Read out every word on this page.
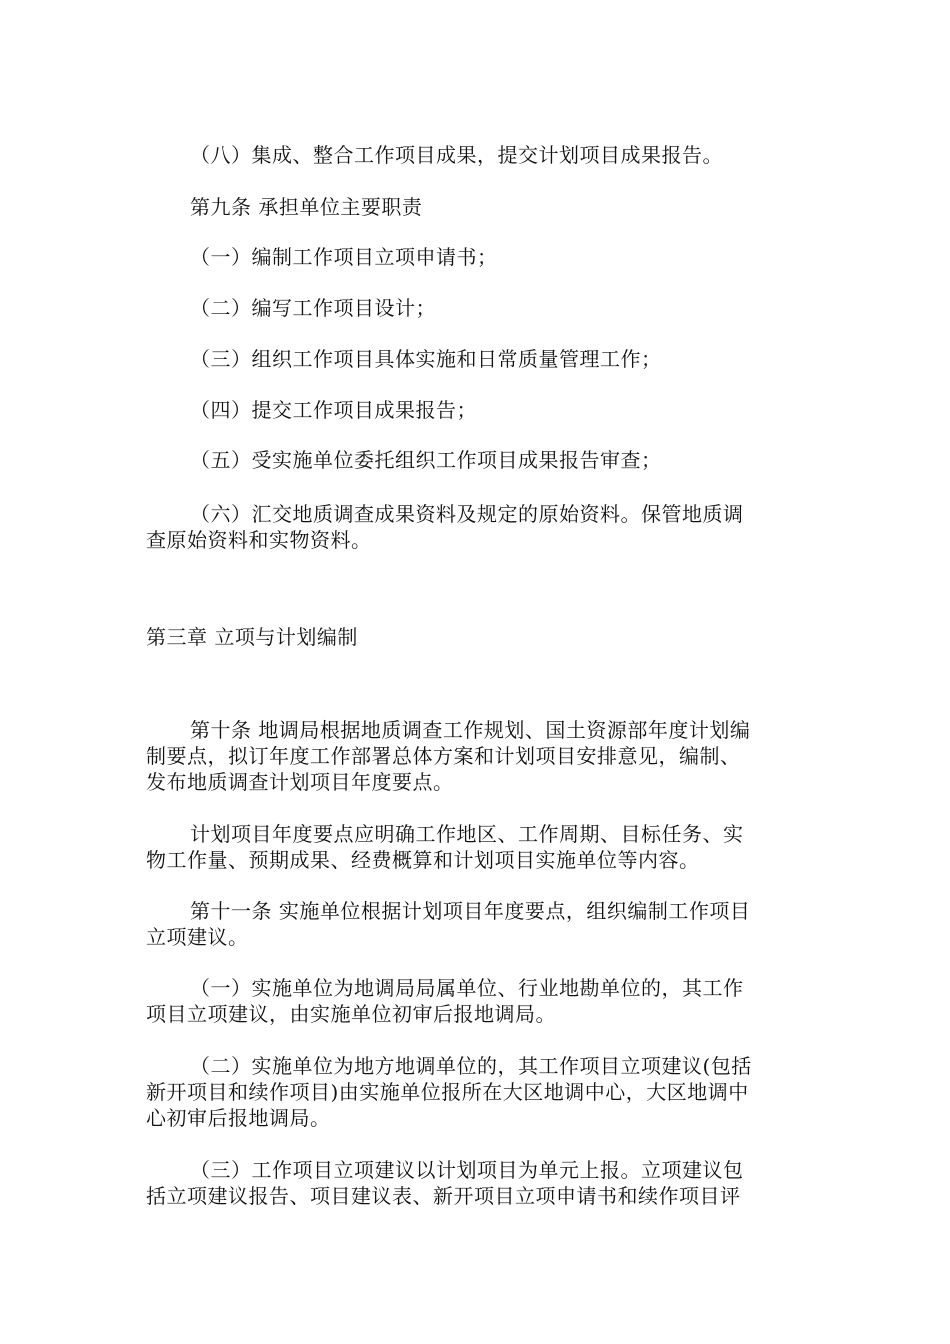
（八）集成、整合工作项目成果，提交计划项目成果报告。
第九条 承担单位主要职责
（一）编制工作项目立项申请书；
（二）编写工作项目设计；
（三）组织工作项目具体实施和日常质量管理工作；
（四）提交工作项目成果报告；
（五）受实施单位委托组织工作项目成果报告审查；
（六）汇交地质调查成果资料及规定的原始资料。保管地质调
查原始资料和实物资料。
第三章 立项与计划编制
第十条 地调局根据地质调查工作规划、国土资源部年度计划编
制要点，拟订年度工作部署总体方案和计划项目安排意见，编制、
发布地质调查计划项目年度要点。
计划项目年度要点应明确工作地区、工作周期、目标任务、实
物工作量、预期成果、经费概算和计划项目实施单位等内容。
第十一条 实施单位根据计划项目年度要点，组织编制工作项目
立项建议。
（一）实施单位为地调局局属单位、行业地勘单位的，其工作
项目立项建议，由实施单位初审后报地调局。
（二）实施单位为地方地调单位的，其工作项目立项建议(包括
新开项目和续作项目)由实施单位报所在大区地调中心，大区地调中
心初审后报地调局。
（三）工作项目立项建议以计划项目为单元上报。立项建议包
括立项建议报告、项目建议表、新开项目立项申请书和续作项目评
